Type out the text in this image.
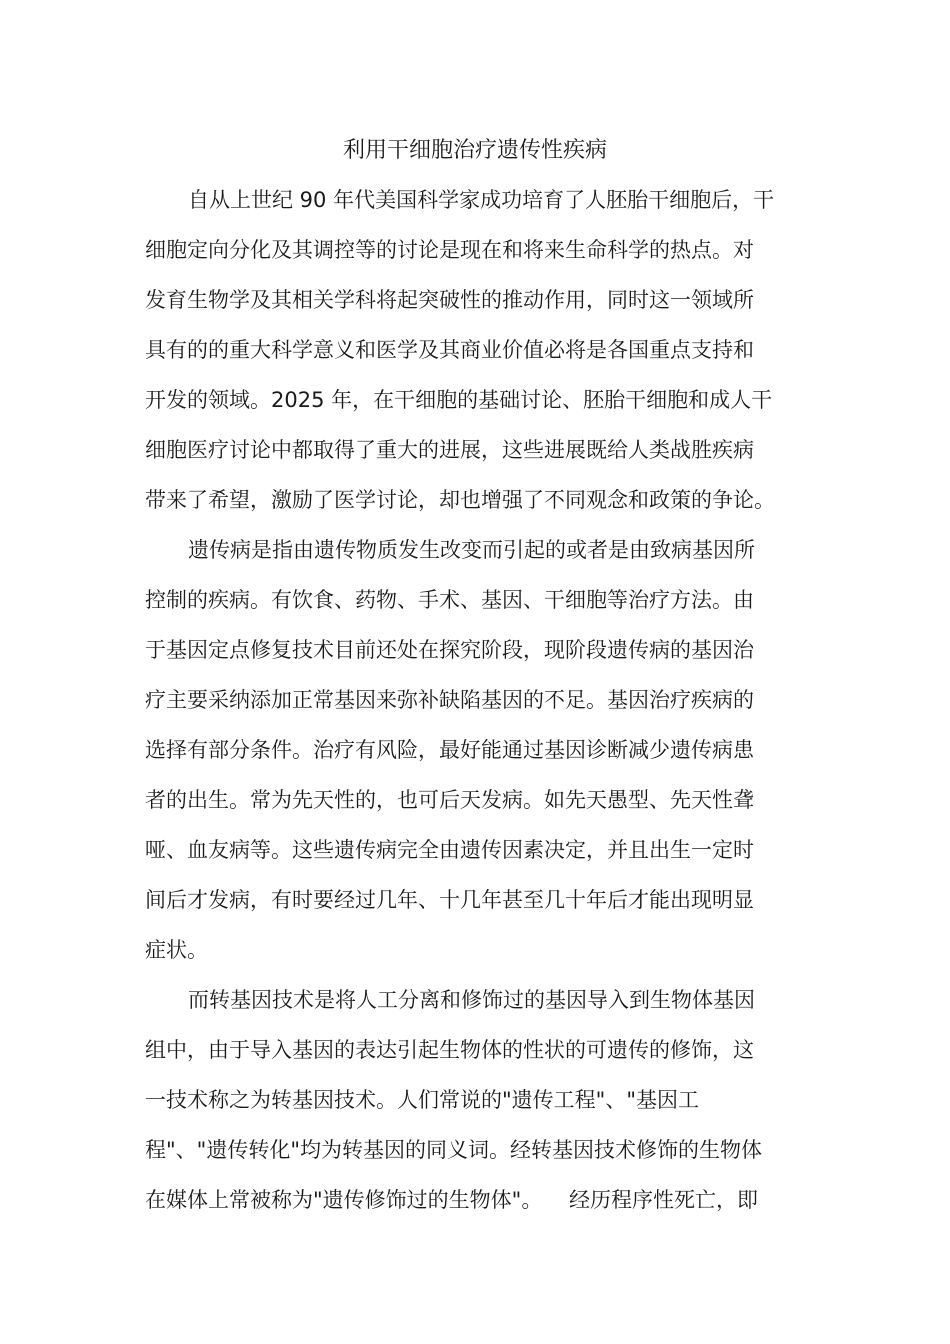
利用干细胞治疗遗传性疾病
自从上世纪 90 年代美国科学家成功培育了人胚胎干细胞后，干
细胞定向分化及其调控等的讨论是现在和将来生命科学的热点。对
发育生物学及其相关学科将起突破性的推动作用，同时这一领域所
具有的的重大科学意义和医学及其商业价值必将是各国重点支持和
开发的领域。2025 年，在干细胞的基础讨论、胚胎干细胞和成人干
细胞医疗讨论中都取得了重大的进展，这些进展既给人类战胜疾病
带来了希望，激励了医学讨论，却也增强了不同观念和政策的争论。
遗传病是指由遗传物质发生改变而引起的或者是由致病基因所
控制的疾病。有饮食、药物、手术、基因、干细胞等治疗方法。由
于基因定点修复技术目前还处在探究阶段，现阶段遗传病的基因治
疗主要采纳添加正常基因来弥补缺陷基因的不足。基因治疗疾病的
选择有部分条件。治疗有风险，最好能通过基因诊断减少遗传病患
者的出生。常为先天性的，也可后天发病。如先天愚型、先天性聋
哑、血友病等。这些遗传病完全由遗传因素决定，并且出生一定时
间后才发病，有时要经过几年、十几年甚至几十年后才能出现明显
症状。
而转基因技术是将人工分离和修饰过的基因导入到生物体基因
组中，由于导入基因的表达引起生物体的性状的可遗传的修饰，这
一技术称之为转基因技术。人们常说的"遗传工程"、"基因工
程"、"遗传转化"均为转基因的同义词。经转基因技术修饰的生物体
在媒体上常被称为"遗传修饰过的生物体"。    经历程序性死亡，即
